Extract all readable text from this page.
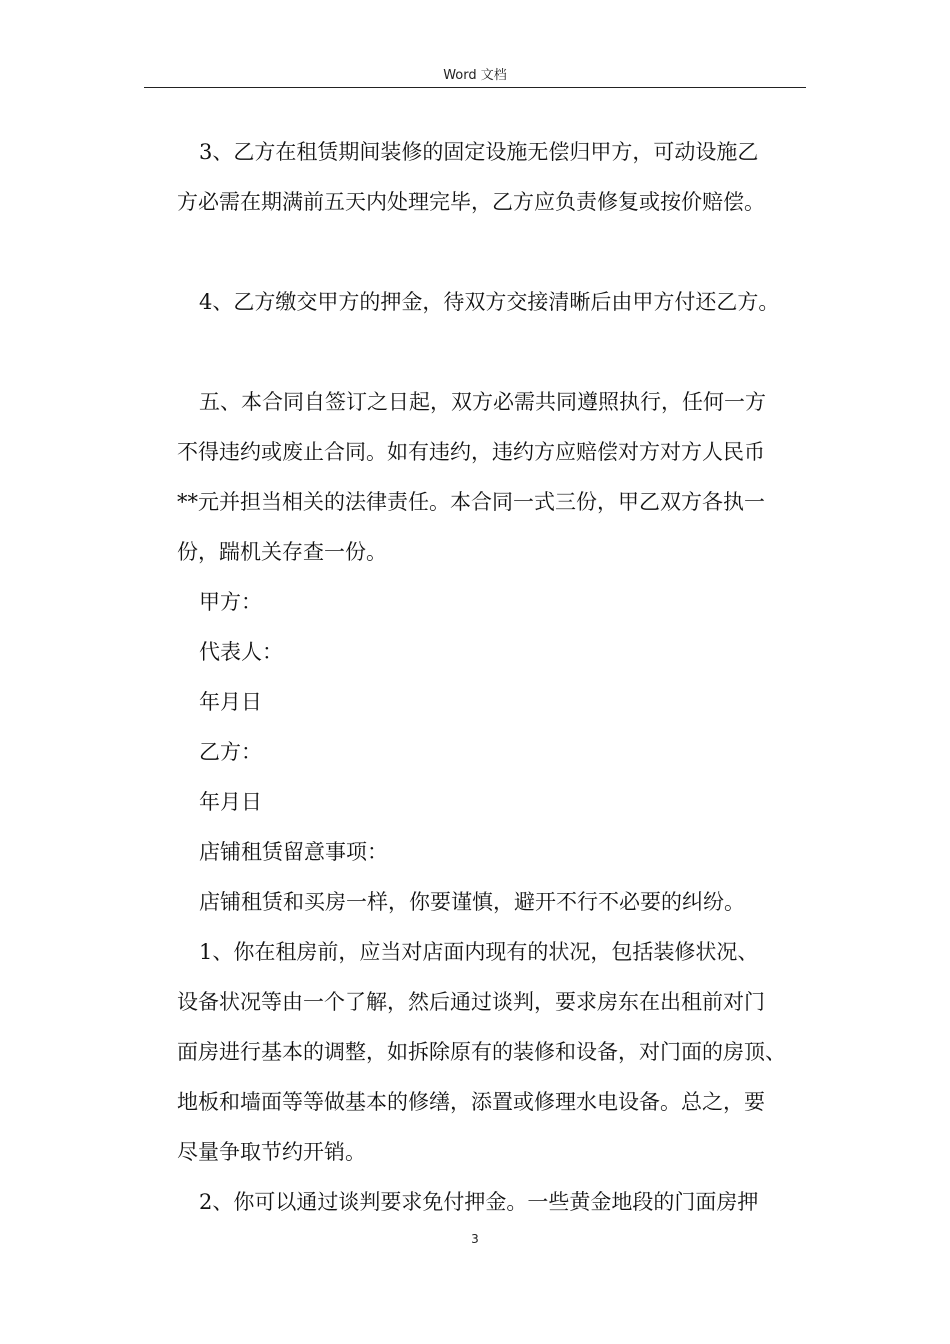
Word 文档

3、乙方在租赁期间装修的固定设施无偿归甲方，可动设施乙

方必需在期满前五天内处理完毕，乙方应负责修复或按价赔偿。

4、乙方缴交甲方的押金，待双方交接清晰后由甲方付还乙方。

五、本合同自签订之日起，双方必需共同遵照执行，任何一方

不得违约或废止合同。如有违约，违约方应赔偿对方对方人民币

**元并担当相关的法律责任。本合同一式三份，甲乙双方各执一

份，踹机关存查一份。

甲方：

代表人：

年月日

乙方：

年月日

店铺租赁留意事项：

店铺租赁和买房一样，你要谨慎，避开不行不必要的纠纷。

1、你在租房前，应当对店面内现有的状况，包括装修状况、

设备状况等由一个了解，然后通过谈判，要求房东在出租前对门

面房进行基本的调整，如拆除原有的装修和设备，对门面的房顶、

地板和墙面等等做基本的修缮，添置或修理水电设备。总之，要

尽量争取节约开销。

2、你可以通过谈判要求免付押金。一些黄金地段的门面房押

3
